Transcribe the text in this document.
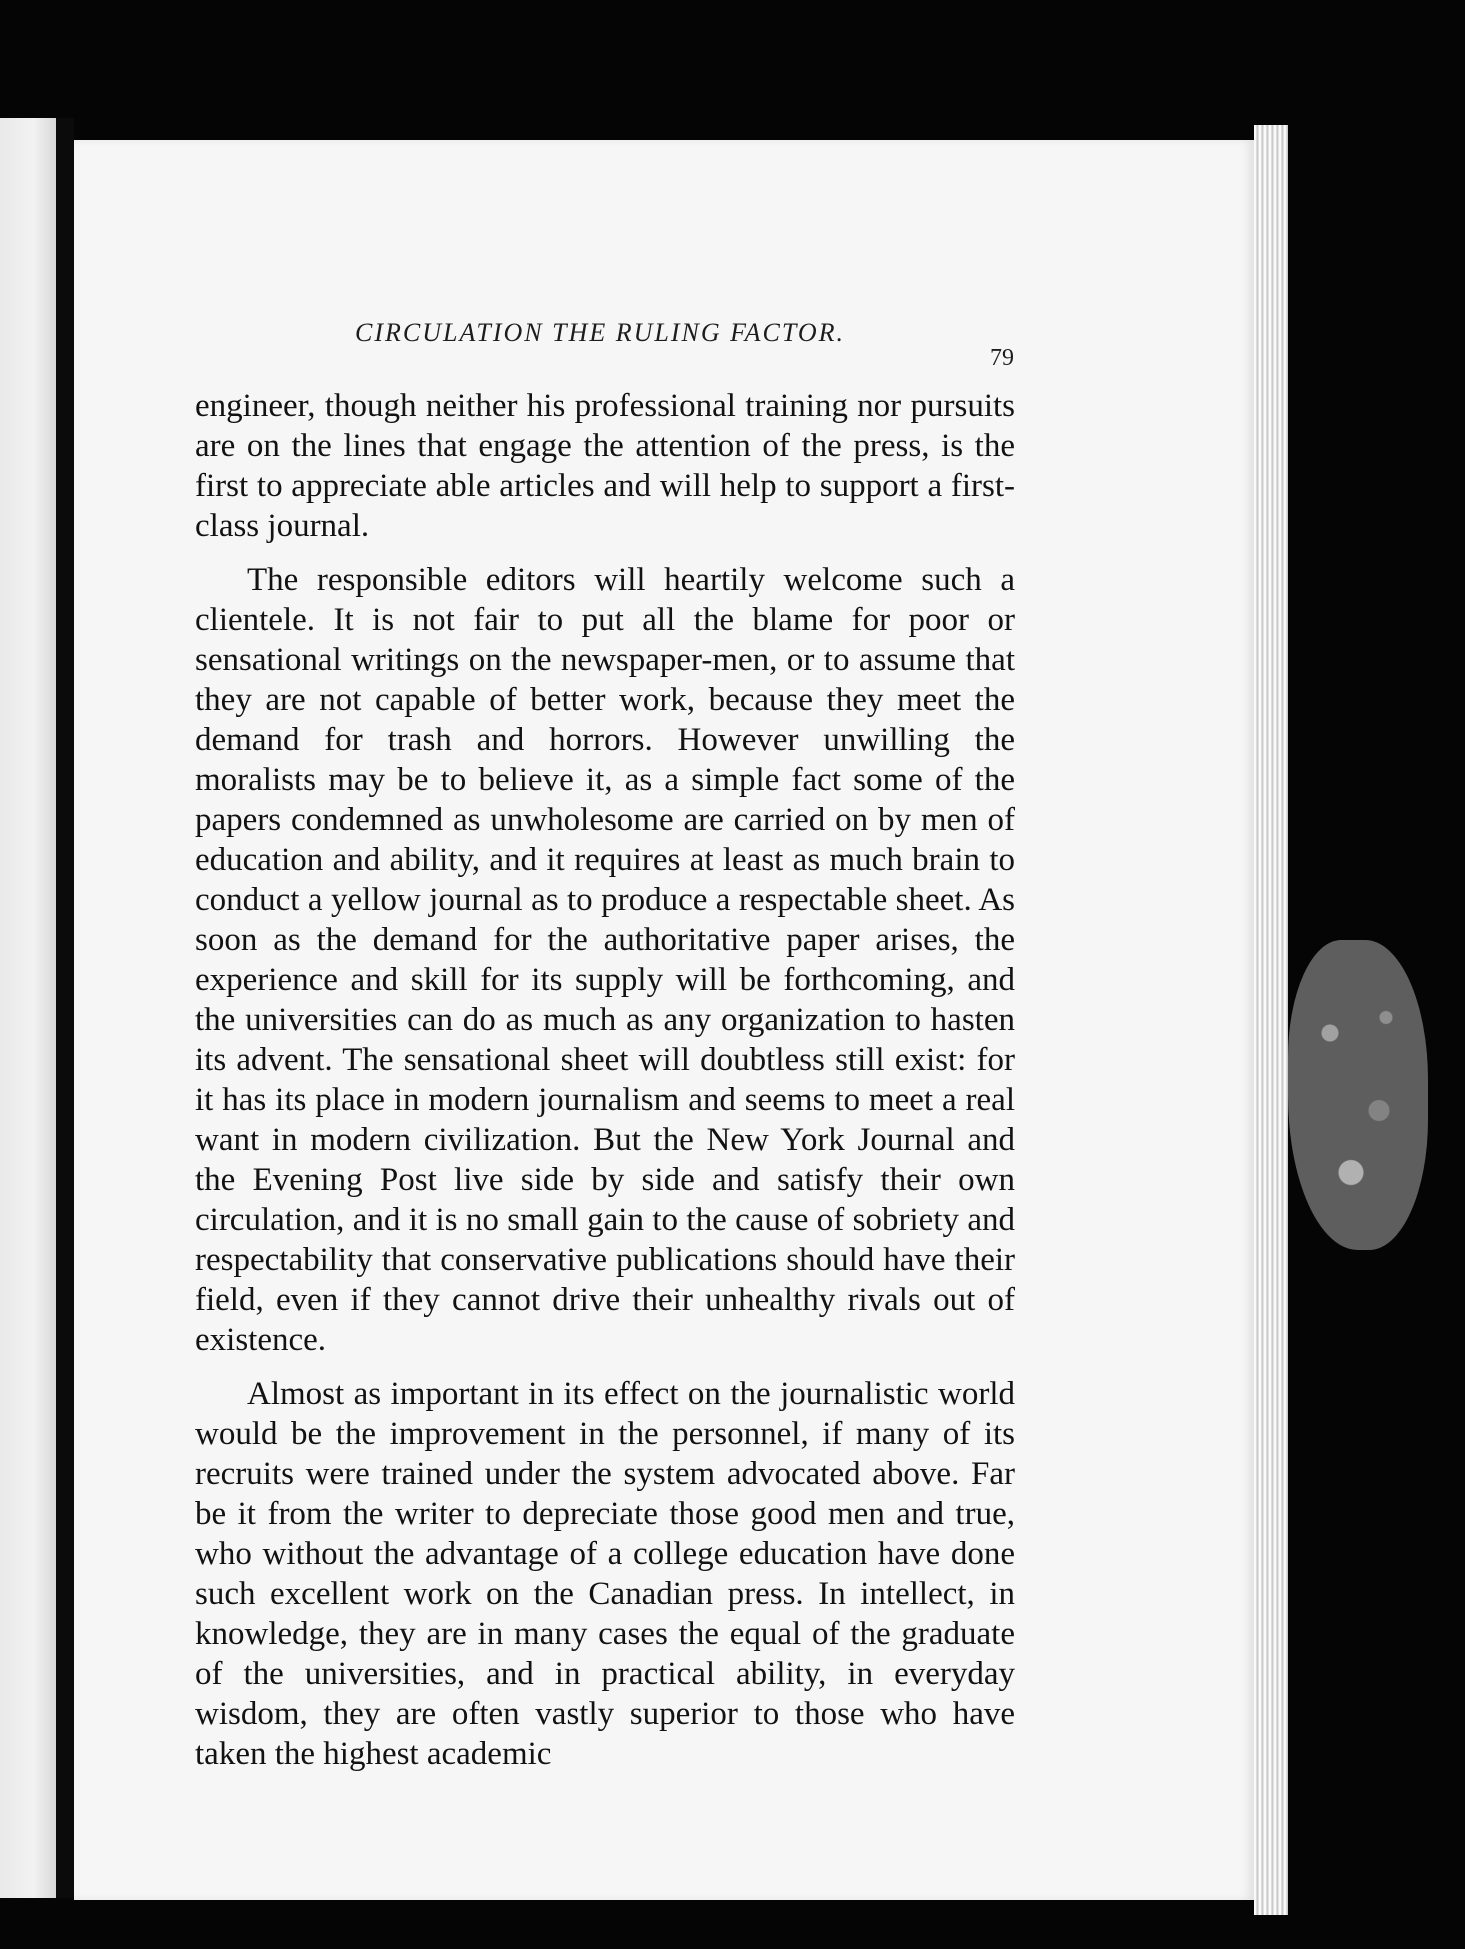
CIRCULATION THE RULING FACTOR.
79

engineer, though neither his professional training nor pursuits are on the lines that engage the attention of the press, is the first to appreciate able articles and will help to support a first-class journal.

The responsible editors will heartily welcome such a clientele. It is not fair to put all the blame for poor or sensational writings on the newspaper-men, or to assume that they are not capable of better work, because they meet the demand for trash and horrors. However unwilling the moralists may be to believe it, as a simple fact some of the papers condemned as unwholesome are carried on by men of education and ability, and it requires at least as much brain to conduct a yellow journal as to produce a respectable sheet. As soon as the demand for the authoritative paper arises, the experience and skill for its supply will be forthcoming, and the universities can do as much as any organization to hasten its advent. The sensational sheet will doubtless still exist: for it has its place in modern journalism and seems to meet a real want in modern civilization. But the New York Journal and the Evening Post live side by side and satisfy their own circulation, and it is no small gain to the cause of sobriety and respectability that conservative publications should have their field, even if they cannot drive their unhealthy rivals out of existence.

Almost as important in its effect on the journalistic world would be the improvement in the personnel, if many of its recruits were trained under the system advocated above. Far be it from the writer to depreciate those good men and true, who without the advantage of a college education have done such excellent work on the Canadian press. In intellect, in knowledge, they are in many cases the equal of the graduate of the universities, and in practical ability, in everyday wisdom, they are often vastly superior to those who have taken the highest academic
